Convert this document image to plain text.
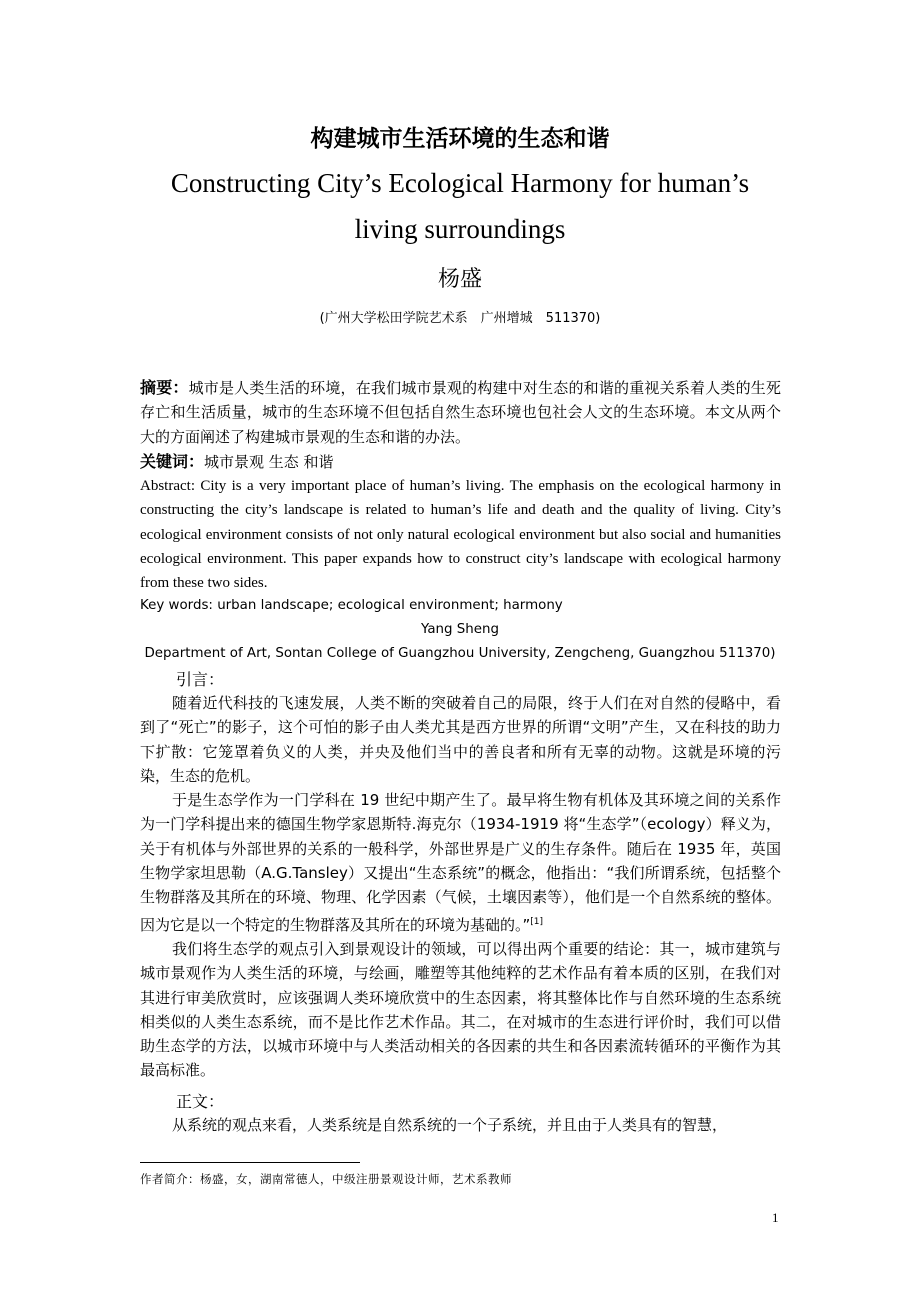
构建城市生活环境的生态和谐
Constructing City’s Ecological Harmony for human’s
living surroundings
杨盛
(广州大学松田学院艺术系　广州增城　511370)
摘要：城市是人类生活的环境，在我们城市景观的构建中对生态的和谐的重视关系着人类的生死存亡和生活质量，城市的生态环境不但包括自然生态环境也包社会人文的生态环境。本文从两个大的方面阐述了构建城市景观的生态和谐的办法。
关键词：城市景观 生态 和谐
Abstract: City is a very important place of human’s living. The emphasis on the ecological harmony in constructing the city’s landscape is related to human’s life and death and the quality of living. City’s ecological environment consists of not only natural ecological environment but also social and humanities ecological environment. This paper expands how to construct city’s landscape with ecological harmony from these two sides.
Key words: urban landscape; ecological environment; harmony
Yang Sheng
Department of Art, Sontan College of Guangzhou University, Zengcheng, Guangzhou 511370)
引言：

随着近代科技的飞速发展，人类不断的突破着自己的局限，终于人们在对自然的侵略中，看到了“死亡”的影子，这个可怕的影子由人类尤其是西方世界的所谓“文明”产生，又在科技的助力下扩散：它笼罩着负义的人类，并央及他们当中的善良者和所有无辜的动物。这就是环境的污染，生态的危机。

于是生态学作为一门学科在 19 世纪中期产生了。最早将生物有机体及其环境之间的关系作为一门学科提出来的德国生物学家恩斯特.海克尔（1934-1919 将“生态学”（ecology）释义为，关于有机体与外部世界的关系的一般科学，外部世界是广义的生存条件。随后在 1935 年，英国生物学家坦思勒（A.G.Tansley）又提出“生态系统”的概念，他指出：“我们所谓系统，包括整个生物群落及其所在的环境、物理、化学因素（气候，土壤因素等），他们是一个自然系统的整体。因为它是以一个特定的生物群落及其所在的环境为基础的。”[1]

我们将生态学的观点引入到景观设计的领域，可以得出两个重要的结论：其一，城市建筑与城市景观作为人类生活的环境，与绘画，雕塑等其他纯粹的艺术作品有着本质的区别，在我们对其进行审美欣赏时，应该强调人类环境欣赏中的生态因素，将其整体比作与自然环境的生态系统相类似的人类生态系统，而不是比作艺术作品。其二，在对城市的生态进行评价时，我们可以借助生态学的方法，以城市环境中与人类活动相关的各因素的共生和各因素流转循环的平衡作为其最高标准。

正文：

从系统的观点来看，人类系统是自然系统的一个子系统，并且由于人类具有的智慧，

作者简介：杨盛，女，湖南常德人，中级注册景观设计师，艺术系教师
1
